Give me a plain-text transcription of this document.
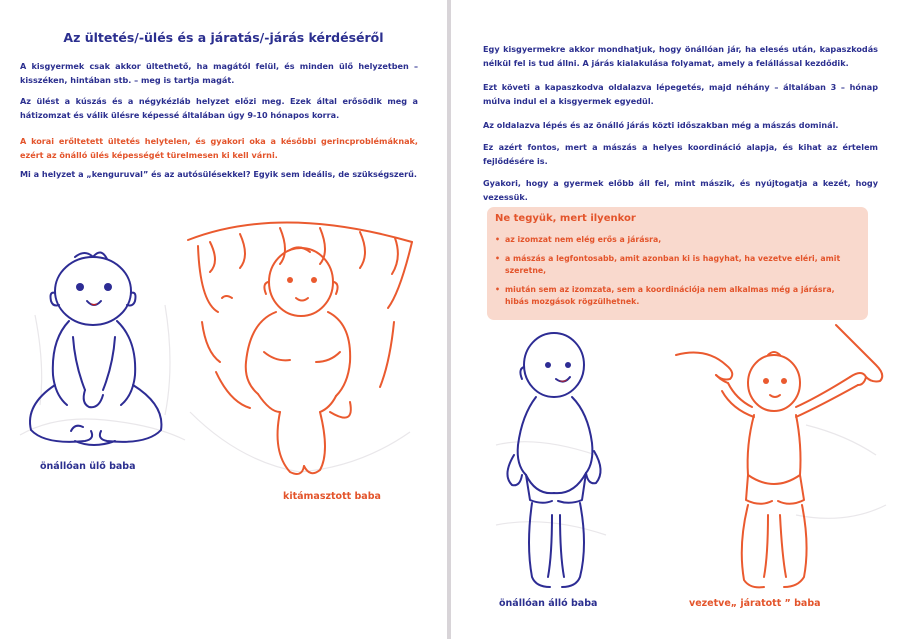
Az ültetés/-ülés és a járatás/-járás kérdéséről

A kisgyermek csak akkor ültethető, ha magától felül, és minden ülő helyzetben – kisszéken, hintában stb. – meg is tartja magát.

Az ülést a kúszás és a négykézláb helyzet előzi meg. Ezek által erősödik meg a hátizomzat és válik ülésre képessé általában úgy 9-10 hónapos korra.

A korai erőltetett ültetés helytelen, és gyakori oka a későbbi gerincproblémáknak, ezért az önálló ülés képességét türelmesen ki kell várni.

Mi a helyzet a „kenguruval” és az autósülésekkel? Egyik sem ideális, de szükségszerű.

önállóan ülő baba
kitámasztott baba

Egy kisgyermekre akkor mondhatjuk, hogy önállóan jár, ha elesés után, kapaszkodás nélkül fel is tud állni. A járás kialakulása folyamat, amely a felállással kezdődik.

Ezt követi a kapaszkodva oldalazva lépegetés, majd néhány – általában 3 – hónap múlva indul el a kisgyermek egyedül.

Az oldalazva lépés és az önálló járás közti időszakban még a mászás dominál.

Ez azért fontos, mert a mászás a helyes koordináció alapja, és kihat az értelem fejlődésére is.

Gyakori, hogy a gyermek előbb áll fel, mint mászik, és nyújtogatja a kezét, hogy vezessük.

Ne tegyük, mert ilyenkor
• az izomzat nem elég erős a járásra,
• a mászás a legfontosabb, amit azonban ki is hagyhat, ha vezetve eléri, amit szeretne,
• miután sem az izomzata, sem a koordinációja nem alkalmas még a járásra, hibás mozgások rögzülhetnek.
önállóan álló baba	vezetve„ járatott ” baba
